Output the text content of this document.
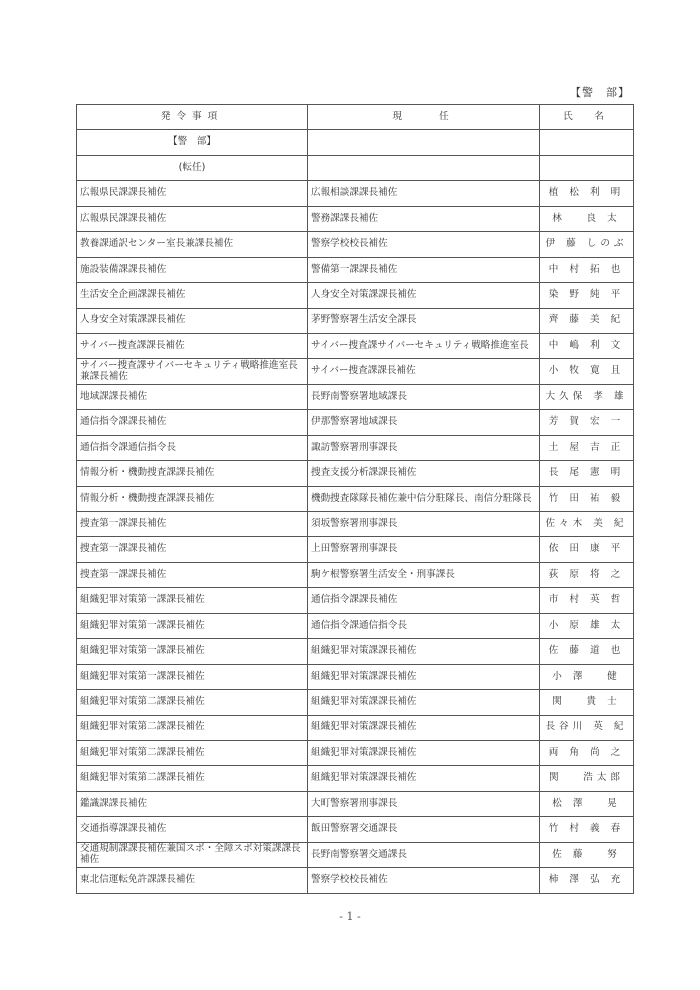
【警　部】
発令事項	現　　任	氏　名
【警　部】		
(転任)		
広報県民課課長補佐	広報相談課課長補佐	植 松 利 明
広報県民課課長補佐	警務課課長補佐	林　 良 太
教養課通訳センター室長兼課長補佐	警察学校校長補佐	伊 藤 しのぶ
施設装備課課長補佐	警備第一課課長補佐	中 村 拓 也
生活安全企画課課長補佐	人身安全対策課課長補佐	染 野 純 平
人身安全対策課課長補佐	茅野警察署生活安全課長	齊 藤 美 紀
サイバー捜査課課長補佐	サイバー捜査課サイバーセキュリティ戦略推進室長	中 嶋 利 文
サイバー捜査課サイバーセキュリティ戦略推進室長兼課長補佐	サイバー捜査課課長補佐	小 牧 寛 且
地域課課長補佐	長野南警察署地域課長	大久保 孝 雄
通信指令課課長補佐	伊那警察署地域課長	芳 賀 宏 一
通信指令課通信指令長	諏訪警察署刑事課長	土 屋 吉 正
情報分析・機動捜査課課長補佐	捜査支援分析課課長補佐	長 尾 憲 明
情報分析・機動捜査課課長補佐	機動捜査隊隊長補佐兼中信分駐隊長、南信分駐隊長	竹 田 祐 毅
捜査第一課課長補佐	須坂警察署刑事課長	佐々木 美 紀
捜査第一課課長補佐	上田警察署刑事課長	依 田 康 平
捜査第一課課長補佐	駒ケ根警察署生活安全・刑事課長	荻 原 将 之
組織犯罪対策第一課課長補佐	通信指令課課長補佐	市 村 英 哲
組織犯罪対策第一課課長補佐	通信指令課通信指令長	小 原 雄 太
組織犯罪対策第一課課長補佐	組織犯罪対策課課長補佐	佐 藤 道 也
組織犯罪対策第一課課長補佐	組織犯罪対策課課長補佐	小 澤　 健
組織犯罪対策第二課課長補佐	組織犯罪対策課課長補佐	関　 貴 士
組織犯罪対策第二課課長補佐	組織犯罪対策課課長補佐	長谷川 英 紀
組織犯罪対策第二課課長補佐	組織犯罪対策課課長補佐	両 角 尚 之
組織犯罪対策第二課課長補佐	組織犯罪対策課課長補佐	関　 浩太郎
鑑識課課長補佐	大町警察署刑事課長	松 澤　 晃
交通指導課課長補佐	飯田警察署交通課長	竹 村 義 春
交通規制課課長補佐兼国スポ・全障スポ対策課課長補佐	長野南警察署交通課長	佐 藤　 努
東北信運転免許課課長補佐	警察学校校長補佐	柿 澤 弘 充
- 1 -
